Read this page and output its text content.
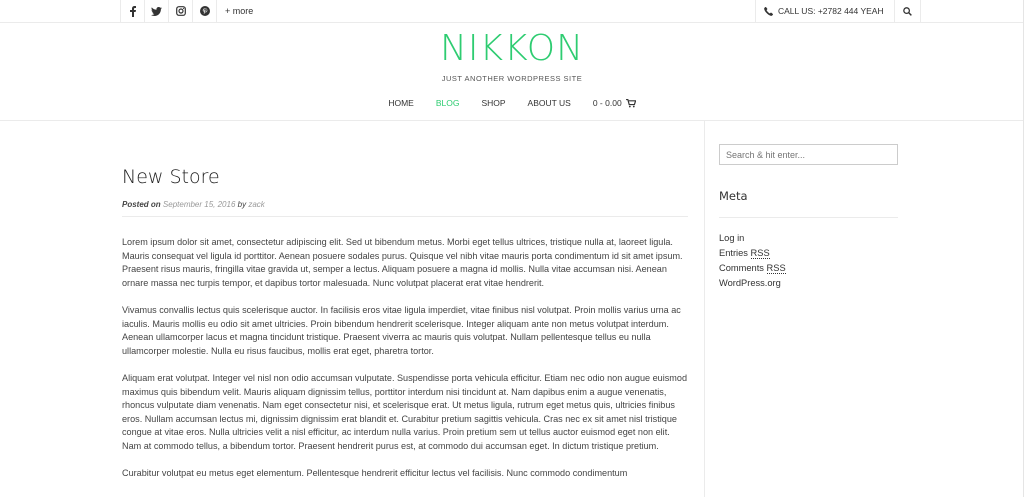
+ more	CALL US: +2782 444 YEAH
NIKKON
JUST ANOTHER WORDPRESS SITE
HOME	BLOG	SHOP	ABOUT US	0 - 0.00
New Store
Posted on September 15, 2016 by zack

Lorem ipsum dolor sit amet, consectetur adipiscing elit. Sed ut bibendum metus. Morbi eget tellus ultrices, tristique nulla at, laoreet ligula. Mauris consequat vel ligula id porttitor. Aenean posuere sodales purus. Quisque vel nibh vitae mauris porta condimentum id sit amet ipsum. Praesent risus mauris, fringilla vitae gravida ut, semper a lectus. Aliquam posuere a magna id mollis. Nulla vitae accumsan nisi. Aenean ornare massa nec turpis tempor, et dapibus tortor malesuada. Nunc volutpat placerat erat vitae hendrerit.

Vivamus convallis lectus quis scelerisque auctor. In facilisis eros vitae ligula imperdiet, vitae finibus nisl volutpat. Proin mollis varius urna ac iaculis. Mauris mollis eu odio sit amet ultricies. Proin bibendum hendrerit scelerisque. Integer aliquam ante non metus volutpat interdum. Aenean ullamcorper lacus et magna tincidunt tristique. Praesent viverra ac mauris quis volutpat. Nullam pellentesque tellus eu nulla ullamcorper molestie. Nulla eu risus faucibus, mollis erat eget, pharetra tortor.

Aliquam erat volutpat. Integer vel nisl non odio accumsan vulputate. Suspendisse porta vehicula efficitur. Etiam nec odio non augue euismod maximus quis bibendum velit. Mauris aliquam dignissim tellus, porttitor interdum nisi tincidunt at. Nam dapibus enim a augue venenatis, rhoncus vulputate diam venenatis. Nam eget consectetur nisi, et scelerisque erat. Ut metus ligula, rutrum eget metus quis, ultricies finibus eros. Nullam accumsan lectus mi, dignissim dignissim erat blandit et. Curabitur pretium sagittis vehicula. Cras nec ex sit amet nisl tristique congue at vitae eros. Nulla ultricies velit a nisl efficitur, ac interdum nulla varius. Proin pretium sem ut tellus auctor euismod eget non elit. Nam at commodo tellus, a bibendum tortor. Praesent hendrerit purus est, at commodo dui accumsan eget. In dictum tristique pretium.

Curabitur volutpat eu metus eget elementum. Pellentesque hendrerit efficitur lectus vel facilisis. Nunc commodo condimentum

Search & hit enter...
Meta
Log in
Entries RSS
Comments RSS
WordPress.org
